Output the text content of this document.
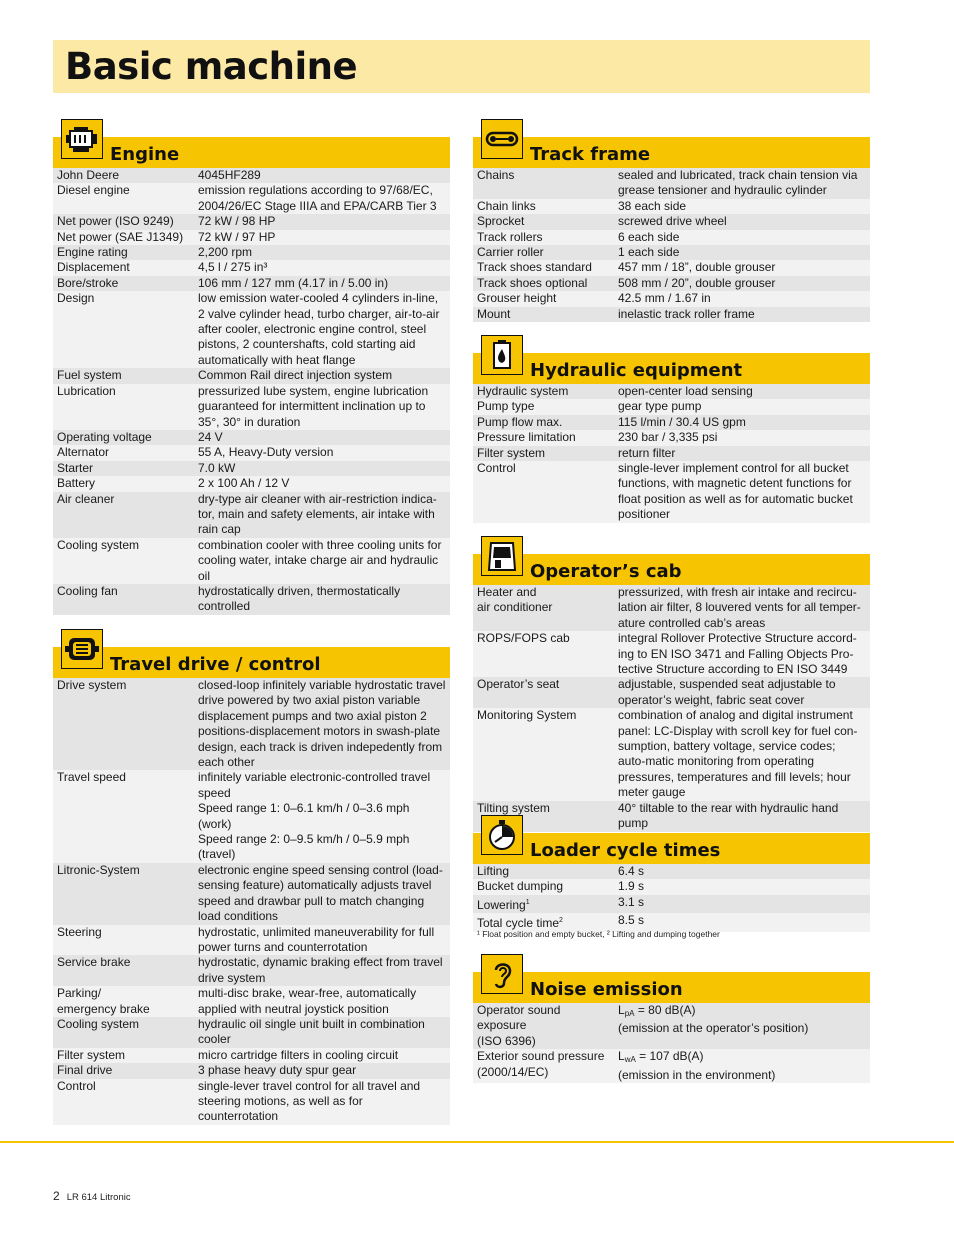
Basic machine
Engine
John Deere	4045HF289
Diesel engine	emission regulations according to 97/68/EC, 2004/26/EC Stage IIIA and EPA/CARB Tier 3
Net power (ISO 9249)	72 kW / 98 HP
Net power (SAE J1349)	72 kW / 97 HP
Engine rating	2,200 rpm
Displacement	4,5 l / 275 in³
Bore/stroke	106 mm / 127 mm (4.17 in / 5.00 in)
Design	low emission water-cooled 4 cylinders in-line, 2 valve cylinder head, turbo charger, air-to-air after cooler, electronic engine control, steel pistons, 2 countershafts, cold starting aid automatically with heat flange
Fuel system	Common Rail direct injection system
Lubrication	pressurized lube system, engine lubrication guaranteed for intermittent inclination up to 35°, 30° in duration
Operating voltage	24 V
Alternator	55 A, Heavy-Duty version
Starter	7.0 kW
Battery	2 x 100 Ah / 12 V
Air cleaner	dry-type air cleaner with air-restriction indica-tor, main and safety elements, air intake with rain cap
Cooling system	combination cooler with three cooling units for cooling water, intake charge air and hydraulic oil
Cooling fan	hydrostatically driven, thermostatically controlled
Travel drive / control
Drive system	closed-loop infinitely variable hydrostatic travel drive powered by two axial piston variable displacement pumps and two axial piston 2 positions-displacement motors in swash-plate design, each track is driven indepedently from each other
Travel speed	infinitely variable electronic-controlled travel speed
Speed range 1: 0–6.1 km/h / 0–3.6 mph (work)
Speed range 2: 0–9.5 km/h / 0–5.9 mph (travel)
Litronic-System	electronic engine speed sensing control (load-sensing feature) automatically adjusts travel speed and drawbar pull to match changing load conditions
Steering	hydrostatic, unlimited maneuverability for full power turns and counterrotation
Service brake	hydrostatic, dynamic braking effect from travel drive system
Parking/
emergency brake	multi-disc brake, wear-free, automatically applied with neutral joystick position
Cooling system	hydraulic oil single unit built in combination cooler
Filter system	micro cartridge filters in cooling circuit
Final drive	3 phase heavy duty spur gear
Control	single-lever travel control for all travel and steering motions, as well as for counterrotation
Track frame
Chains	sealed and lubricated, track chain tension via grease tensioner and hydraulic cylinder
Chain links	38 each side
Sprocket	screwed drive wheel
Track rollers	6 each side
Carrier roller	1 each side
Track shoes standard	457 mm / 18”, double grouser
Track shoes optional	508 mm / 20”, double grouser
Grouser height	42.5 mm / 1.67 in
Mount	inelastic track roller frame
Hydraulic equipment
Hydraulic system	open-center load sensing
Pump type	gear type pump
Pump flow max.	115 l/min / 30.4 US gpm
Pressure limitation	230 bar / 3,335 psi
Filter system	return filter
Control	single-lever implement control for all bucket functions, with magnetic detent functions for float position as well as for automatic bucket positioner
Operator’s cab
Heater and
air conditioner	pressurized, with fresh air intake and recircu-lation air filter, 8 louvered vents for all temper-ature controlled cab’s areas
ROPS/FOPS cab	integral Rollover Protective Structure accord-ing to EN ISO 3471 and Falling Objects Pro-tective Structure according to EN ISO 3449
Operator’s seat	adjustable, suspended seat adjustable to operator’s weight, fabric seat cover
Monitoring System	combination of analog and digital instrument panel: LC-Display with scroll key for fuel con-sumption, battery voltage, service codes; auto-matic monitoring from operating pressures, temperatures and fill levels; hour meter gauge
Tilting system	40° tiltable to the rear with hydraulic hand pump
Loader cycle times
Lifting	6.4 s
Bucket dumping	1.9 s
Lowering$^1$	3.1 s
Total cycle time$^2$	8.5 s
¹ Float position and empty bucket, ² Lifting and dumping together
Noise emission
Operator sound exposure
(ISO 6396)	$L_{pA} = 80$ dB(A)
(emission at the operator’s position)
Exterior sound pressure
(2000/14/EC)	$L_{wA} = 107$ dB(A)
(emission in the environment)
2 LR 614 Litronic
